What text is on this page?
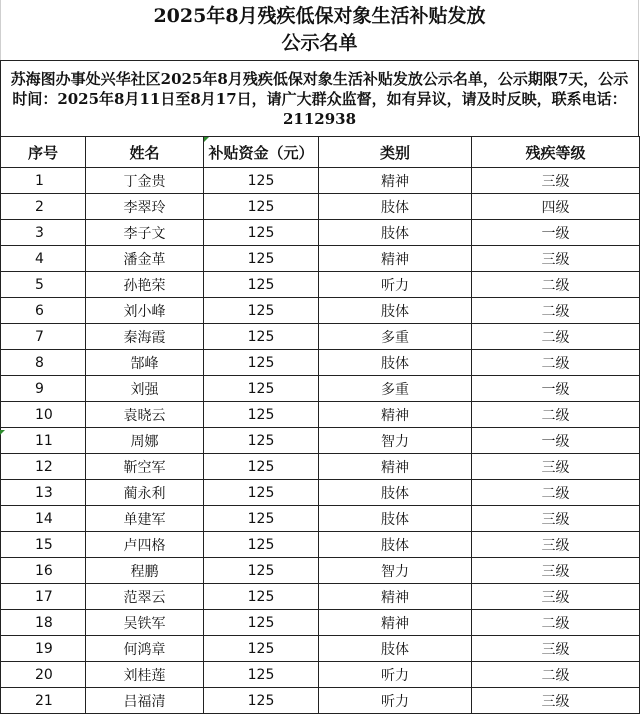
2025年8月残疾低保对象生活补贴发放
公示名单
苏海图办事处兴华社区2025年8月残疾低保对象生活补贴发放公示名单，公示期限7天，公示时间：2025年8月11日至8月17日，请广大群众监督，如有异议，请及时反映，联系电话：2112938
序号	姓名	补贴资金（元）	类别	残疾等级
1	丁金贵	125	精神	三级
2	李翠玲	125	肢体	四级
3	李子文	125	肢体	一级
4	潘金革	125	精神	三级
5	孙艳荣	125	听力	二级
6	刘小峰	125	肢体	二级
7	秦海霞	125	多重	二级
8	郜峰	125	肢体	二级
9	刘强	125	多重	一级
10	袁晓云	125	精神	二级
11	周娜	125	智力	一级
12	靳空军	125	精神	三级
13	蔺永利	125	肢体	二级
14	单建军	125	肢体	三级
15	卢四格	125	肢体	三级
16	程鹏	125	智力	三级
17	范翠云	125	精神	三级
18	吴铁军	125	精神	二级
19	何鸿章	125	肢体	三级
20	刘桂莲	125	听力	二级
21	吕福清	125	听力	三级
